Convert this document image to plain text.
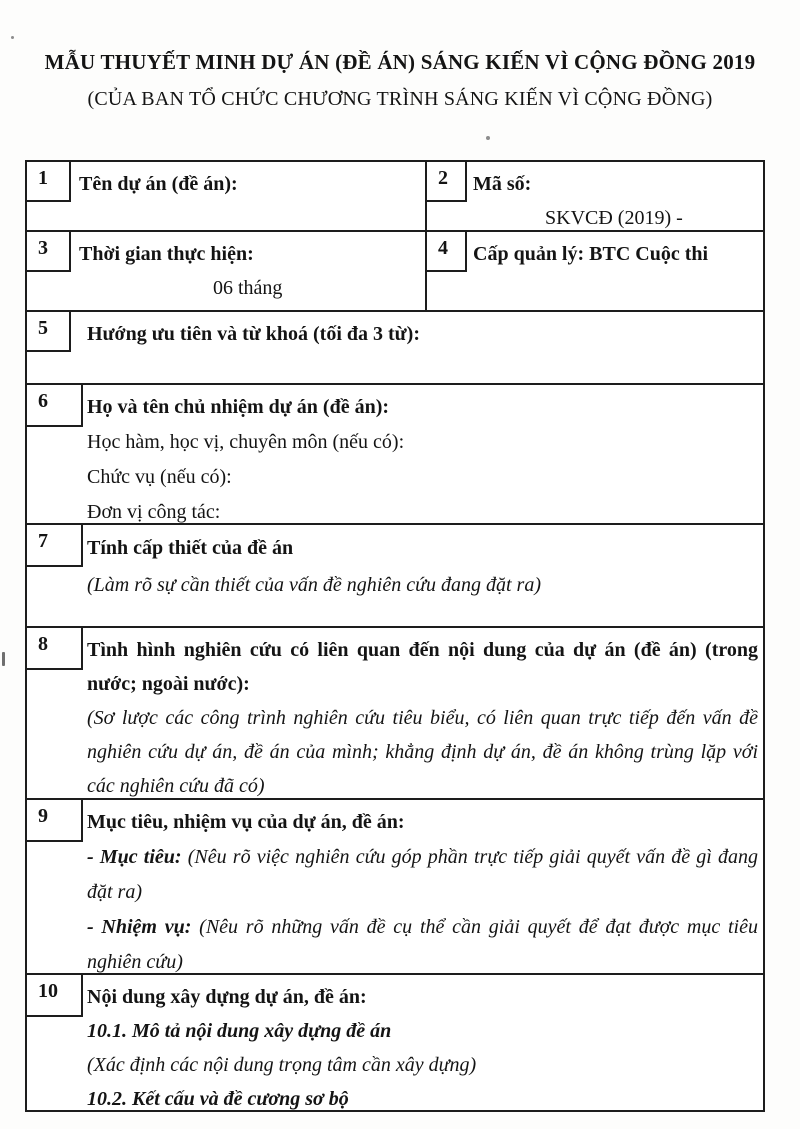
MẪU THUYẾT MINH DỰ ÁN (ĐỀ ÁN) SÁNG KIẾN VÌ CỘNG ĐỒNG 2019
(CỦA BAN TỔ CHỨC CHƯƠNG TRÌNH SÁNG KIẾN VÌ CỘNG ĐỒNG)
1	Tên dự án (đề án):	2	Mã số:
SKVCĐ (2019) -
3	Thời gian thực hiện:
06 tháng
4	Cấp quản lý: BTC Cuộc thi
5	Hướng ưu tiên và từ khoá (tối đa 3 từ):
6	Họ và tên chủ nhiệm dự án (đề án):
Học hàm, học vị, chuyên môn (nếu có):
Chức vụ (nếu có):
Đơn vị công tác:
7	Tính cấp thiết của đề án
(Làm rõ sự cần thiết của vấn đề nghiên cứu đang đặt ra)
8	Tình hình nghiên cứu có liên quan đến nội dung của dự án (đề án) (trong
nước; ngoài nước):
(Sơ lược các công trình nghiên cứu tiêu biểu, có liên quan trực tiếp đến vấn đề
nghiên cứu dự án, đề án của mình; khẳng định dự án, đề án không trùng lặp với
các nghiên cứu đã có)
9	Mục tiêu, nhiệm vụ của dự án, đề án:
- Mục tiêu: (Nêu rõ việc nghiên cứu góp phần trực tiếp giải quyết vấn đề gì đang
đặt ra)
- Nhiệm vụ: (Nêu rõ những vấn đề cụ thể cần giải quyết để đạt được mục tiêu
nghiên cứu)
10	Nội dung xây dựng dự án, đề án:
10.1. Mô tả nội dung xây dựng đề án
(Xác định các nội dung trọng tâm cần xây dựng)
10.2. Kết cấu và đề cương sơ bộ
